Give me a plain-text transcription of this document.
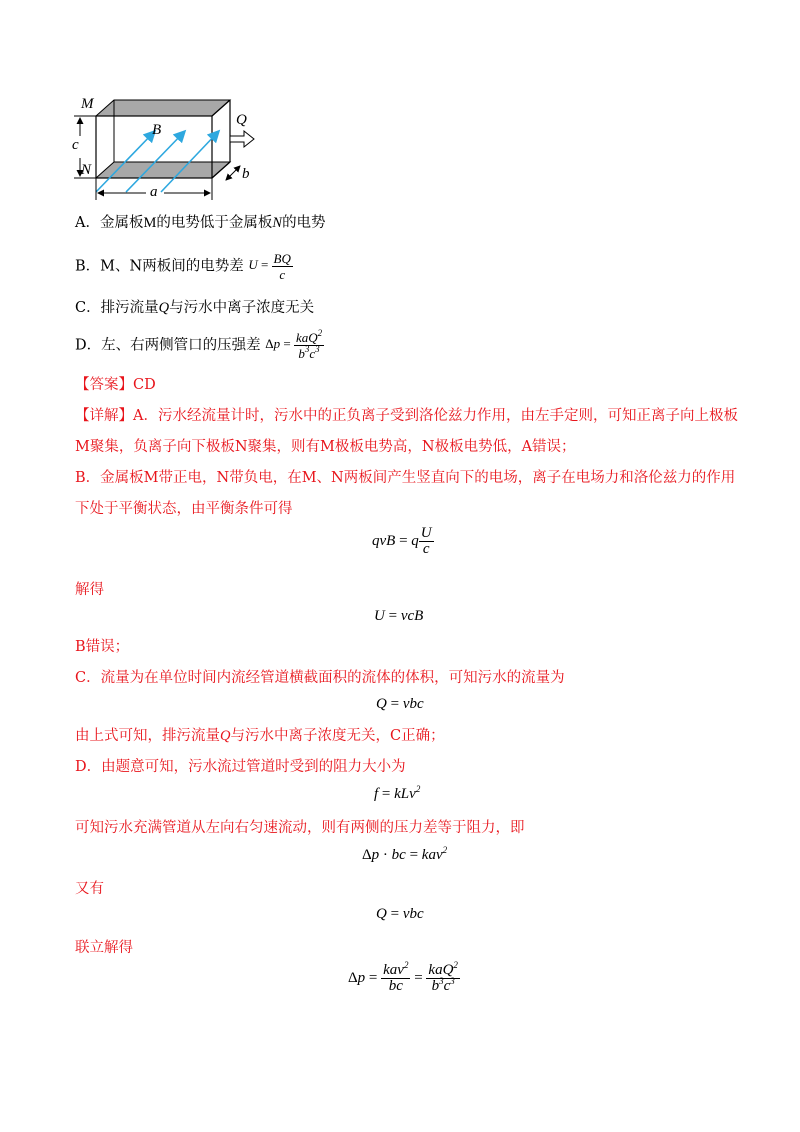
M
c
N
B
Q
a
b
A．金属板M的电势低于金属板N的电势
B．M、N两板间的电势差 $U = \frac{BQ}{c}$
C．排污流量Q与污水中离子浓度无关
D．左、右两侧管口的压强差 $\Delta p = \frac{kaQ^2}{b^3c^3}$
【答案】CD
【详解】A．污水经流量计时，污水中的正负离子受到洛伦兹力作用，由左手定则，可知正离子向上极板
M聚集，负离子向下极板N聚集，则有M极板电势高，N极板电势低，A错误；
B．金属板M带正电，N带负电，在M、N两板间产生竖直向下的电场，离子在电场力和洛伦兹力的作用
下处于平衡状态，由平衡条件可得
qvB = q $\frac{U}{c}$
解得
U = vcB
B错误；
C．流量为在单位时间内流经管道横截面积的流体的体积，可知污水的流量为
Q = vbc
由上式可知，排污流量Q与污水中离子浓度无关，C正确；
D．由题意可知，污水流过管道时受到的阻力大小为
f = kLv$^2$
可知污水充满管道从左向右匀速流动，则有两侧的压力差等于阻力，即
Δp · bc = kav$^2$
又有
Q = vbc
联立解得
$\Delta p = \frac{kav^2}{bc} = \frac{kaQ^2}{b^3c^3}$
